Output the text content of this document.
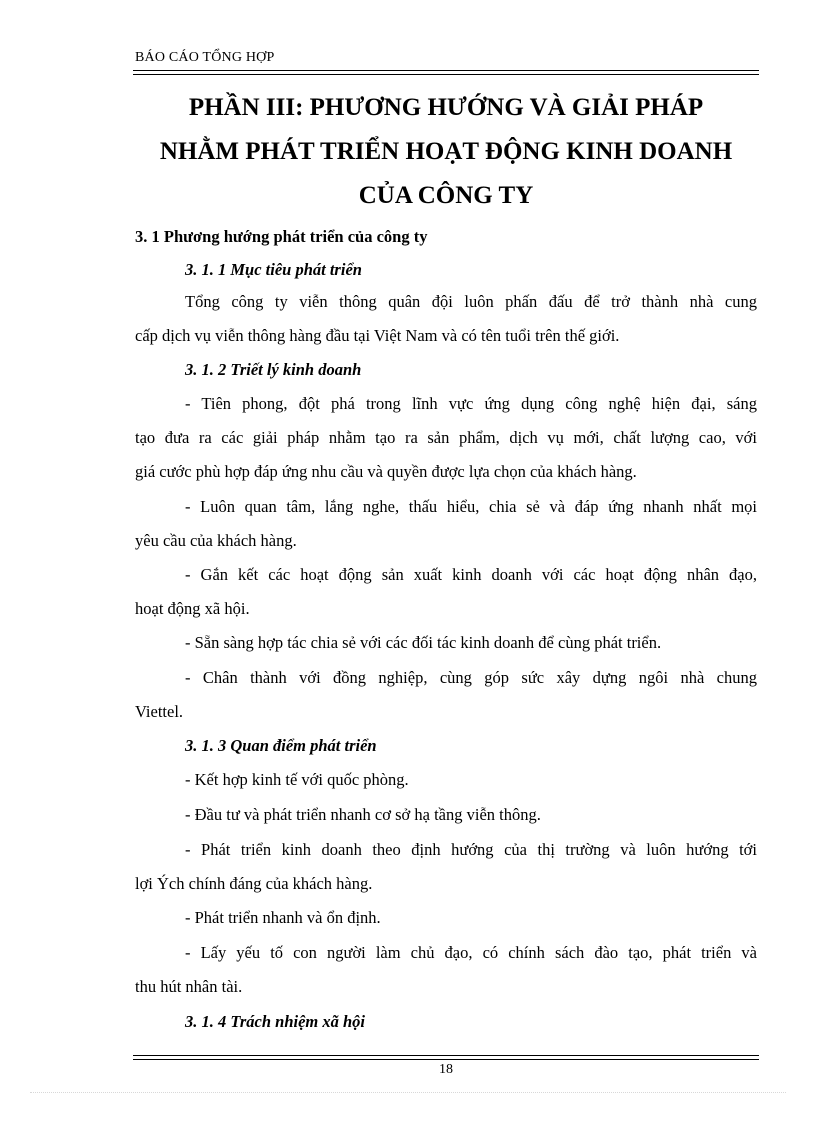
BÁO CÁO TỔNG HỢP
PHẦN III: PHƯƠNG HƯỚNG VÀ GIẢI PHÁP
NHẰM PHÁT TRIỂN HOẠT ĐỘNG KINH DOANH
CỦA CÔNG TY
3. 1 Phương hướng phát triển của công ty
3. 1. 1 Mục tiêu phát triển
Tổng công ty viễn thông quân đội luôn phấn đấu để trở thành nhà cung
cấp dịch vụ viễn thông hàng đầu tại Việt Nam và có tên tuổi trên thế giới.
3. 1. 2 Triết lý kinh doanh
- Tiên phong, đột phá trong lĩnh vực ứng dụng công nghệ hiện đại, sáng
tạo đưa ra các giải pháp nhằm tạo ra sản phẩm, dịch vụ mới, chất lượng cao, với
giá cước phù hợp đáp ứng nhu cầu và quyền được lựa chọn của khách hàng.
- Luôn quan tâm, lắng nghe, thấu hiểu, chia sẻ và đáp ứng nhanh nhất mọi
yêu cầu của khách hàng.
- Gắn kết các hoạt động sản xuất kinh doanh với các hoạt động nhân đạo,
hoạt động xã hội.
- Sẵn sàng hợp tác chia sẻ với các đối tác kinh doanh để cùng phát triển.
- Chân thành với đồng nghiệp, cùng góp sức xây dựng ngôi nhà chung
Viettel.
3. 1. 3 Quan điểm phát triển
- Kết hợp kinh tế với quốc phòng.
- Đầu tư và phát triển nhanh cơ sở hạ tầng viễn thông.
- Phát triển kinh doanh theo định hướng của thị trường và luôn hướng tới
lợi Ých chính đáng của khách hàng.
- Phát triển nhanh và ổn định.
- Lấy yếu tố con người làm chủ đạo, có chính sách đào tạo, phát triển và
thu hút nhân tài.
3. 1. 4 Trách nhiệm xã hội
18
